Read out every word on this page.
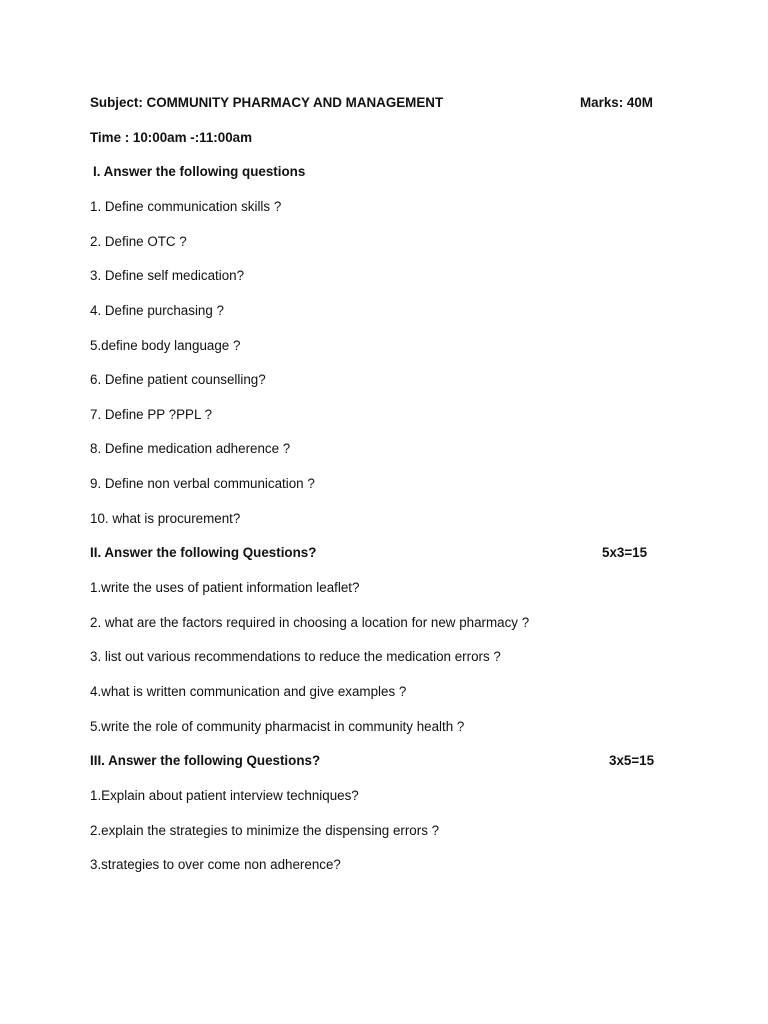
Subject: COMMUNITY PHARMACY AND MANAGEMENT	Marks: 40M
Time : 10:00am -:11:00am
I. Answer the following questions
1. Define communication skills ?
2. Define OTC ?
3. Define self medication?
4. Define purchasing ?
5.define body language ?
6. Define patient counselling?
7. Define PP ?PPL ?
8. Define medication adherence ?
9. Define non verbal communication ?
10. what is procurement?
II. Answer the following Questions?	5x3=15
1.write the uses of patient information leaflet?
2. what are the factors required in choosing a location for new pharmacy ?
3. list out various recommendations to reduce the medication errors ?
4.what is written communication and give examples ?
5.write the role of community pharmacist in community health ?
III. Answer the following Questions?	3x5=15
1.Explain about patient interview techniques?
2.explain the strategies to minimize the dispensing errors ?
3.strategies to over come non adherence?
